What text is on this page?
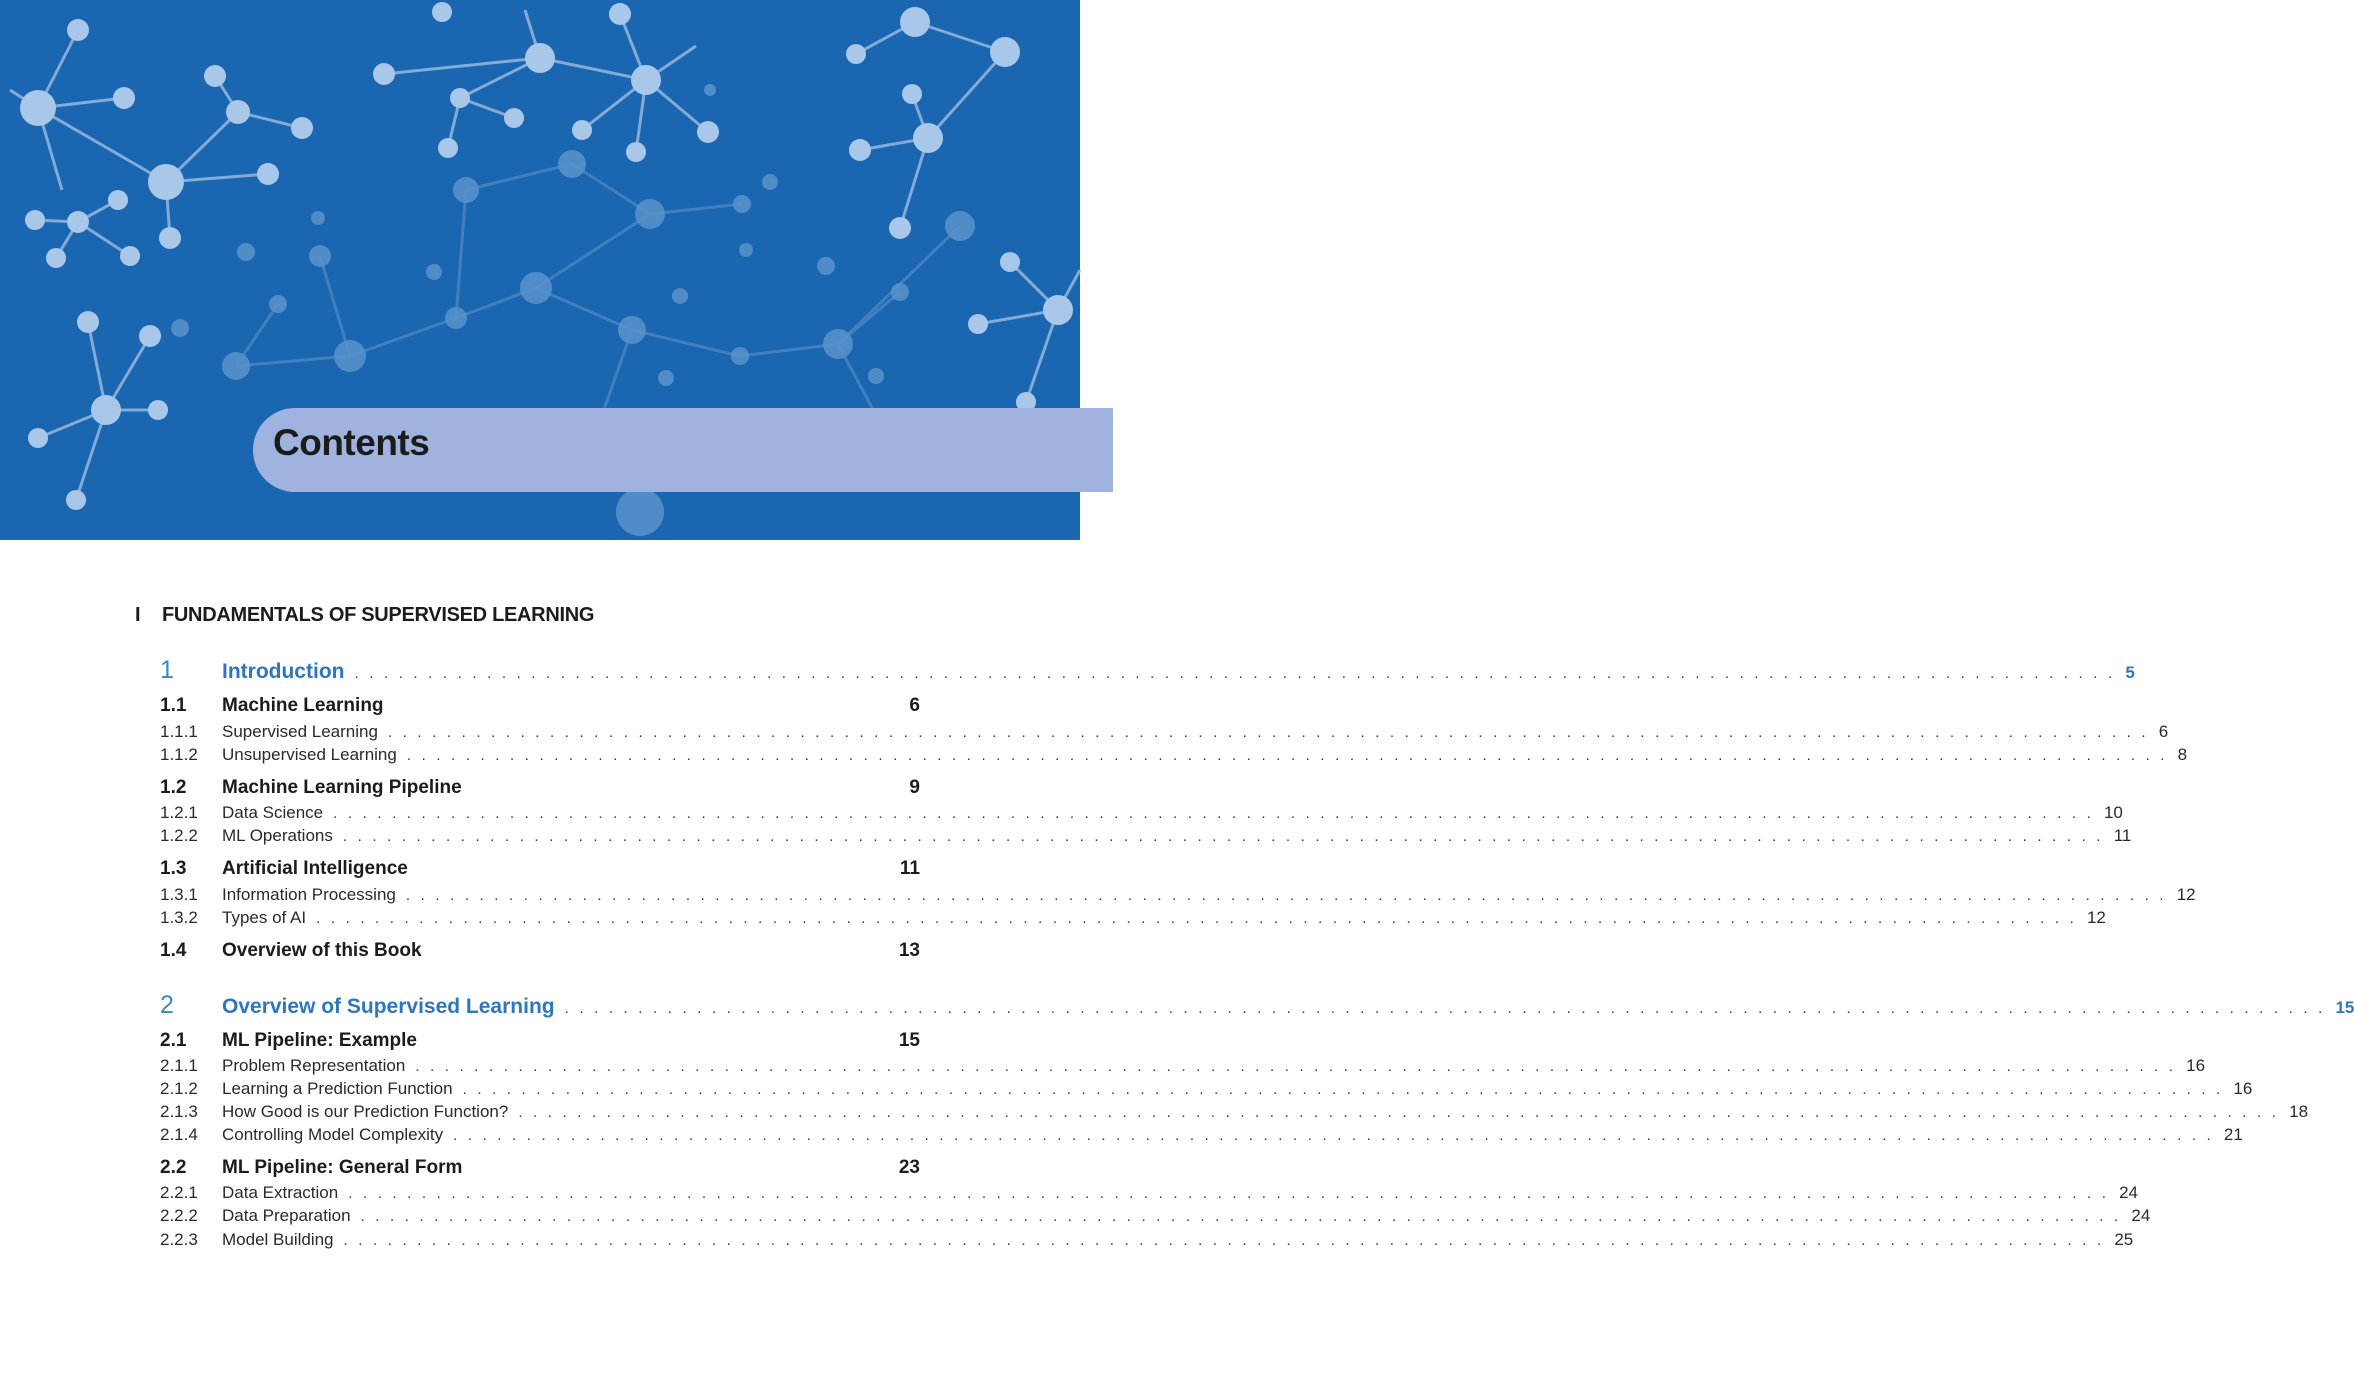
Contents
I FUNDAMENTALS OF SUPERVISED LEARNING
1	Introduction . . . . . . . . . . . . . . . . . . . . . . . . . . . . . . . . . . . . . . . . . . . . . . . . . . . . . . . . . . . . . . . . . . . . . . . . . . . . . . . . . . . . . . . . . . . . . . . . . . . . . . . . . . . . . . . . . . . . . . . . 5
1.1	Machine Learning	6
1.1.1	Supervised Learning . . . . . . . . . . . . . . . . . . . . . . . . . . . . . . . . . . . . . . . . . . . . . . . . . . . . . . . . . . . . . . . . . . . . . . . . . . . . . . . . . . . . . . . . . . . . . . . . . . . . . . . . . . . . . . . . . . . . . . . . 6
1.1.2	Unsupervised Learning . . . . . . . . . . . . . . . . . . . . . . . . . . . . . . . . . . . . . . . . . . . . . . . . . . . . . . . . . . . . . . . . . . . . . . . . . . . . . . . . . . . . . . . . . . . . . . . . . . . . . . . . . . . . . . . . . . . . . . . . 8
1.2	Machine Learning Pipeline	9
1.2.1	Data Science . . . . . . . . . . . . . . . . . . . . . . . . . . . . . . . . . . . . . . . . . . . . . . . . . . . . . . . . . . . . . . . . . . . . . . . . . . . . . . . . . . . . . . . . . . . . . . . . . . . . . . . . . . . . . . . . . . . . . . . . 10
1.2.2	ML Operations . . . . . . . . . . . . . . . . . . . . . . . . . . . . . . . . . . . . . . . . . . . . . . . . . . . . . . . . . . . . . . . . . . . . . . . . . . . . . . . . . . . . . . . . . . . . . . . . . . . . . . . . . . . . . . . . . . . . . . . . 11
1.3	Artificial Intelligence	11
1.3.1	Information Processing . . . . . . . . . . . . . . . . . . . . . . . . . . . . . . . . . . . . . . . . . . . . . . . . . . . . . . . . . . . . . . . . . . . . . . . . . . . . . . . . . . . . . . . . . . . . . . . . . . . . . . . . . . . . . . . . . . . . . . . . 12
1.3.2	Types of AI . . . . . . . . . . . . . . . . . . . . . . . . . . . . . . . . . . . . . . . . . . . . . . . . . . . . . . . . . . . . . . . . . . . . . . . . . . . . . . . . . . . . . . . . . . . . . . . . . . . . . . . . . . . . . . . . . . . . . . . . 12
1.4	Overview of this Book	13
2	Overview of Supervised Learning . . . . . . . . . . . . . . . . . . . . . . . . . . . . . . . . . . . . . . . . . . . . . . . . . . . . . . . . . . . . . . . . . . . . . . . . . . . . . . . . . . . . . . . . . . . . . . . . . . . . . . . . . . . . . . . . . . . . . . . . 15
2.1	ML Pipeline: Example	15
2.1.1	Problem Representation . . . . . . . . . . . . . . . . . . . . . . . . . . . . . . . . . . . . . . . . . . . . . . . . . . . . . . . . . . . . . . . . . . . . . . . . . . . . . . . . . . . . . . . . . . . . . . . . . . . . . . . . . . . . . . . . . . . . . . . . 16
2.1.2	Learning a Prediction Function . . . . . . . . . . . . . . . . . . . . . . . . . . . . . . . . . . . . . . . . . . . . . . . . . . . . . . . . . . . . . . . . . . . . . . . . . . . . . . . . . . . . . . . . . . . . . . . . . . . . . . . . . . . . . . . . . . . . . . . . 16
2.1.3	How Good is our Prediction Function? . . . . . . . . . . . . . . . . . . . . . . . . . . . . . . . . . . . . . . . . . . . . . . . . . . . . . . . . . . . . . . . . . . . . . . . . . . . . . . . . . . . . . . . . . . . . . . . . . . . . . . . . . . . . . . . . . . . . . . . . 18
2.1.4	Controlling Model Complexity . . . . . . . . . . . . . . . . . . . . . . . . . . . . . . . . . . . . . . . . . . . . . . . . . . . . . . . . . . . . . . . . . . . . . . . . . . . . . . . . . . . . . . . . . . . . . . . . . . . . . . . . . . . . . . . . . . . . . . . . 21
2.2	ML Pipeline: General Form	23
2.2.1	Data Extraction . . . . . . . . . . . . . . . . . . . . . . . . . . . . . . . . . . . . . . . . . . . . . . . . . . . . . . . . . . . . . . . . . . . . . . . . . . . . . . . . . . . . . . . . . . . . . . . . . . . . . . . . . . . . . . . . . . . . . . . . 24
2.2.2	Data Preparation . . . . . . . . . . . . . . . . . . . . . . . . . . . . . . . . . . . . . . . . . . . . . . . . . . . . . . . . . . . . . . . . . . . . . . . . . . . . . . . . . . . . . . . . . . . . . . . . . . . . . . . . . . . . . . . . . . . . . . . . 24
2.2.3	Model Building . . . . . . . . . . . . . . . . . . . . . . . . . . . . . . . . . . . . . . . . . . . . . . . . . . . . . . . . . . . . . . . . . . . . . . . . . . . . . . . . . . . . . . . . . . . . . . . . . . . . . . . . . . . . . . . . . . . . . . . . 25
